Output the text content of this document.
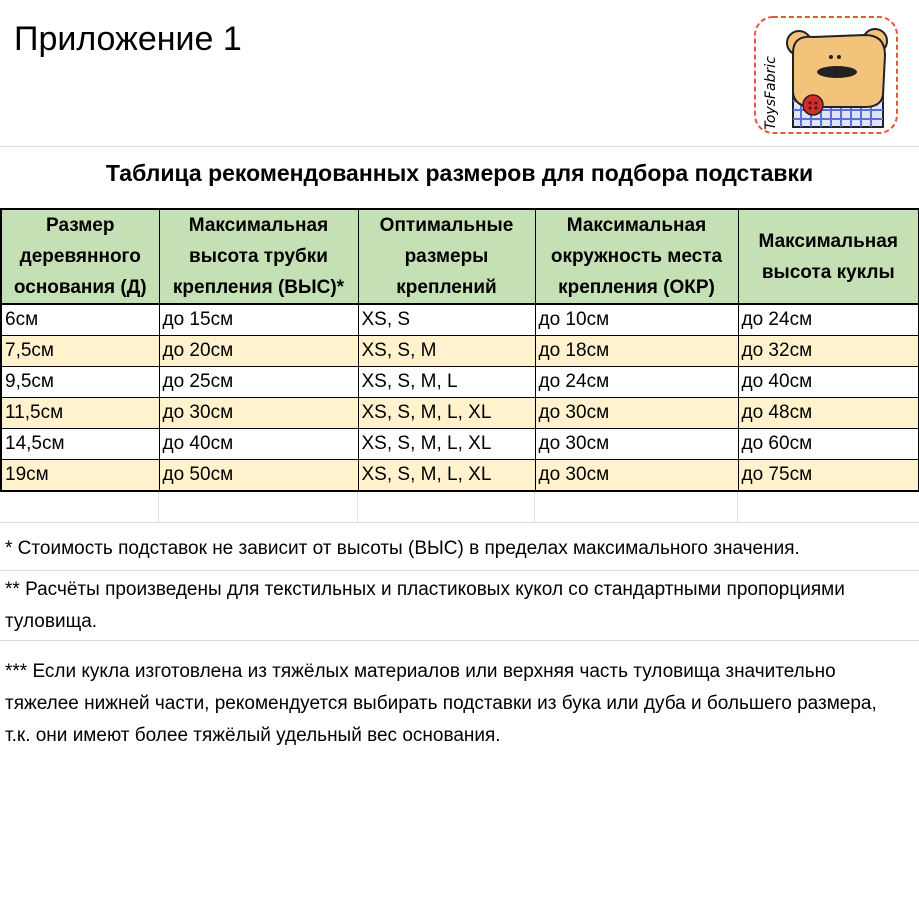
Приложение 1
ToysFabric
Таблица рекомендованных размеров для подбора подставки
Размер деревянного основания (Д)	Максимальная высота трубки крепления (ВЫС)*	Оптимальные размеры креплений	Максимальная окружность места крепления (ОКР)	Максимальная высота куклы
6см	до 15см	XS, S	до 10см	до 24см
7,5см	до 20см	XS, S, M	до 18см	до 32см
9,5см	до 25см	XS, S, M, L	до 24см	до 40см
11,5см	до 30см	XS, S, M, L, XL	до 30см	до 48см
14,5см	до 40см	XS, S, M, L, XL	до 30см	до 60см
19см	до 50см	XS, S, M, L, XL	до 30см	до 75см

* Стоимость подставок не зависит от высоты (ВЫС) в пределах максимального значения.

** Расчёты произведены для текстильных и пластиковых кукол со стандартными пропорциями туловища.

*** Если кукла изготовлена из тяжёлых материалов или верхняя часть туловища значительно тяжелее нижней части, рекомендуется выбирать подставки из бука или дуба и большего размера, т.к. они имеют более тяжёлый удельный вес основания.
